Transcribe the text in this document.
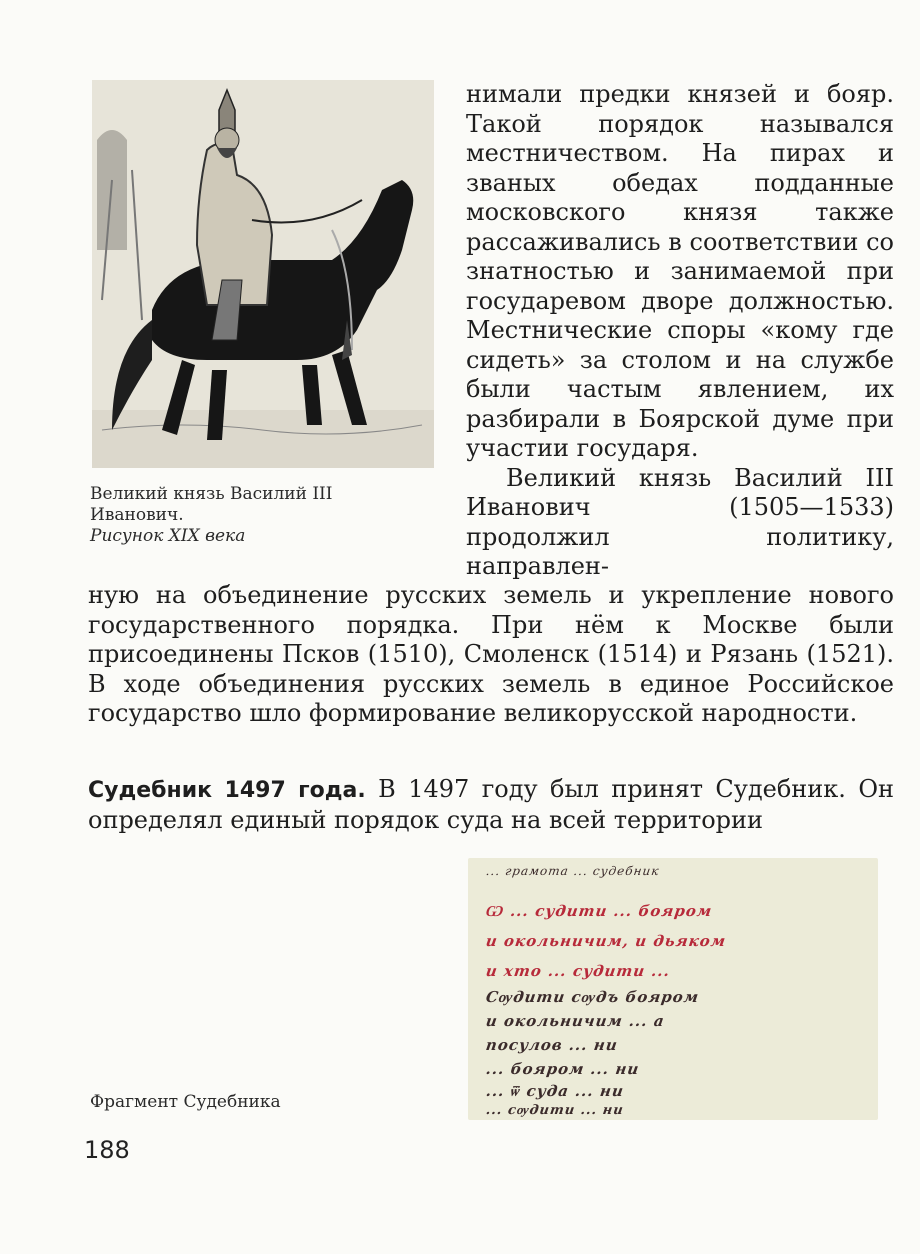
Великий князь Василий III
Иванович.
Рисунок XIX века

нимали предки князей и бояр. Такой порядок назывался местничеством. На пирах и званых обедах подданные московского князя также рассаживались в соответствии со знатностью и занимаемой при государевом дворе должностью. Местнические споры «кому где сидеть» за столом и на службе были частым явлением, их разбирали в Боярской думе при участии государя.

Великий князь Василий III Иванович (1505—1533) продолжил политику, направлен-

ную на объединение русских земель и укрепление нового государственного порядка. При нём к Москве были присоединены Псков (1510), Смоленск (1514) и Рязань (1521). В ходе объединения русских земель в единое Российское государство шло формирование великорусской народности.

Судебник 1497 года. В 1497 году был принят Судебник. Он определял единый порядок суда на всей территории

... грамота ... судебник
Ѡ ... судити ... бояром
и окольничим, и дьяком
и хто ... судити ...
Сѹдити сѹдъ бояром
и окольничим ... а
посулов ... ни
... бояром ... ни
... ѿ суда ... ни
... сѹдити ... ни
Фрагмент Судебника
188
